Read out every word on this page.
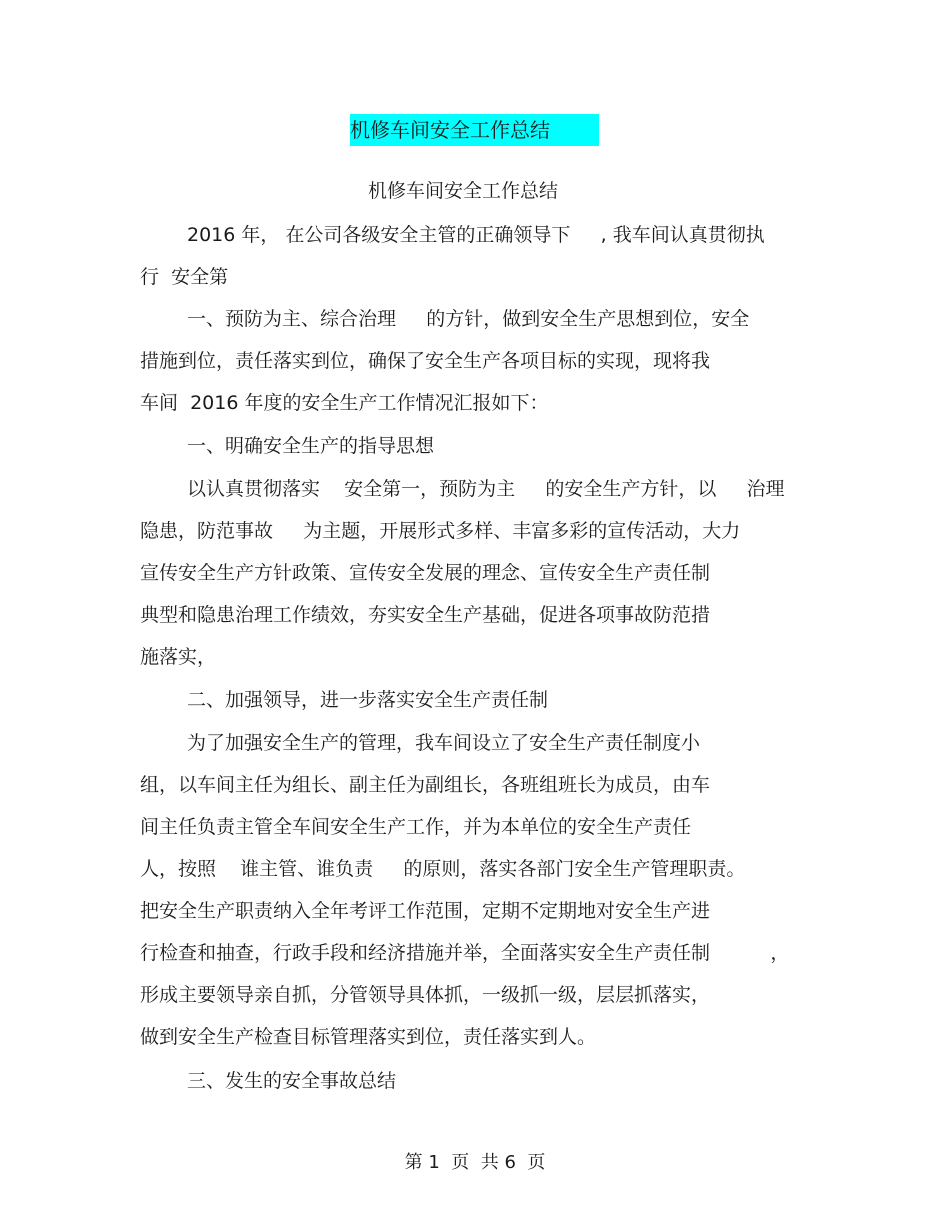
机修车间安全工作总结
机修车间安全工作总结
2016 年， 在公司各级安全主管的正确领导下     , 我车间认真贯彻执
行  安全第
一、预防为主、综合治理     的方针，做到安全生产思想到位，安全
措施到位，责任落实到位，确保了安全生产各项目标的实现，现将我
车间  2016 年度的安全生产工作情况汇报如下：
一、明确安全生产的指导思想
以认真贯彻落实    安全第一，预防为主     的安全生产方针，以     治理
隐患，防范事故     为主题，开展形式多样、丰富多彩的宣传活动，大力
宣传安全生产方针政策、宣传安全发展的理念、宣传安全生产责任制
典型和隐患治理工作绩效，夯实安全生产基础，促进各项事故防范措
施落实，
二、加强领导，进一步落实安全生产责任制
为了加强安全生产的管理，我车间设立了安全生产责任制度小
组，以车间主任为组长、副主任为副组长，各班组班长为成员，由车
间主任负责主管全车间安全生产工作，并为本单位的安全生产责任
人，按照    谁主管、谁负责     的原则，落实各部门安全生产管理职责。
把安全生产职责纳入全年考评工作范围，定期不定期地对安全生产进
行检查和抽查，行政手段和经济措施并举，全面落实安全生产责任制          ，
形成主要领导亲自抓，分管领导具体抓，一级抓一级，层层抓落实，
做到安全生产检查目标管理落实到位，责任落实到人。
三、发生的安全事故总结
第 1  页  共 6  页
